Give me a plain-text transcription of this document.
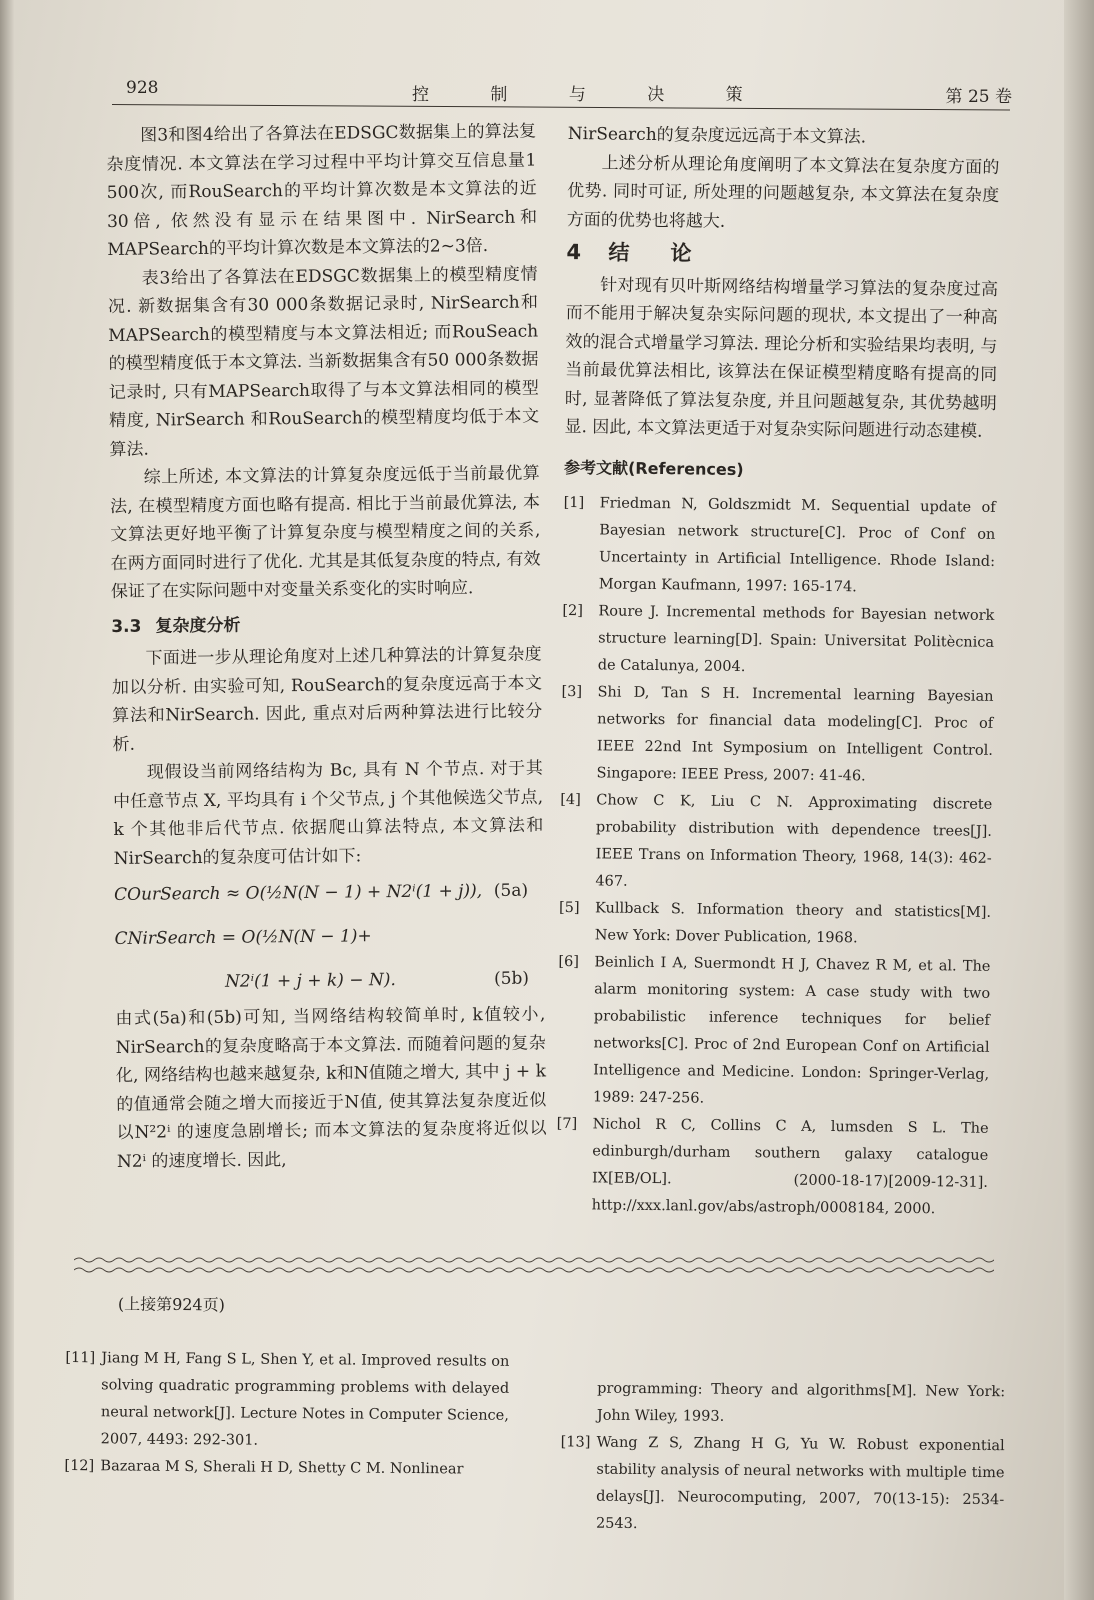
928	控	制	与	决	策	第 25 卷

图3和图4给出了各算法在EDSGC数据集上的算法复杂度情况. 本文算法在学习过程中平均计算交互信息量1 500次, 而RouSearch的平均计算次数是本文算法的近30倍, 依然没有显示在结果图中. NirSearch和MAPSearch的平均计算次数是本文算法的2~3倍.

表3给出了各算法在EDSGC数据集上的模型精度情况. 新数据集含有30 000条数据记录时, NirSearch和MAPSearch的模型精度与本文算法相近; 而RouSeach的模型精度低于本文算法. 当新数据集含有50 000条数据记录时, 只有MAPSearch取得了与本文算法相同的模型精度, NirSearch 和RouSearch的模型精度均低于本文算法.

综上所述, 本文算法的计算复杂度远低于当前最优算法, 在模型精度方面也略有提高. 相比于当前最优算法, 本文算法更好地平衡了计算复杂度与模型精度之间的关系, 在两方面同时进行了优化. 尤其是其低复杂度的特点, 有效保证了在实际问题中对变量关系变化的实时响应.

3.3 复杂度分析

下面进一步从理论角度对上述几种算法的计算复杂度加以分析. 由实验可知, RouSearch的复杂度远高于本文算法和NirSearch. 因此, 重点对后两种算法进行比较分析.

现假设当前网络结构为 Bc, 具有 N 个节点. 对于其中任意节点 X, 平均具有 i 个父节点, j 个其他候选父节点, k 个其他非后代节点. 依据爬山算法特点, 本文算法和NirSearch的复杂度可估计如下:

COurSearch ≈ O(½N(N − 1) + N2ⁱ(1 + j)), (5a)
CNirSearch = O(½N(N − 1)+
N2ⁱ(1 + j + k) − N).	(5b)

由式(5a)和(5b)可知, 当网络结构较简单时, k值较小, NirSearch的复杂度略高于本文算法. 而随着问题的复杂化, 网络结构也越来越复杂, k和N值随之增大, 其中 j + k 的值通常会随之增大而接近于N值, 使其算法复杂度近似以N²2ⁱ 的速度急剧增长; 而本文算法的复杂度将近似以N2ⁱ 的速度增长. 因此,

NirSearch的复杂度远远高于本文算法.

上述分析从理论角度阐明了本文算法在复杂度方面的优势. 同时可证, 所处理的问题越复杂, 本文算法在复杂度方面的优势也将越大.

4 结　论

针对现有贝叶斯网络结构增量学习算法的复杂度过高而不能用于解决复杂实际问题的现状, 本文提出了一种高效的混合式增量学习算法. 理论分析和实验结果均表明, 与当前最优算法相比, 该算法在保证模型精度略有提高的同时, 显著降低了算法复杂度, 并且问题越复杂, 其优势越明显. 因此, 本文算法更适于对复杂实际问题进行动态建模.

参考文献(References)
[1]	Friedman N, Goldszmidt M. Sequential update of Bayesian network structure[C]. Proc of Conf on Uncertainty in Artificial Intelligence. Rhode Island: Morgan Kaufmann, 1997: 165-174.
[2]	Roure J. Incremental methods for Bayesian network structure learning[D]. Spain: Universitat Politècnica de Catalunya, 2004.
[3]	Shi D, Tan S H. Incremental learning Bayesian networks for financial data modeling[C]. Proc of IEEE 22nd Int Symposium on Intelligent Control. Singapore: IEEE Press, 2007: 41-46.
[4]	Chow C K, Liu C N. Approximating discrete probability distribution with dependence trees[J]. IEEE Trans on Information Theory, 1968, 14(3): 462-467.
[5]	Kullback S. Information theory and statistics[M]. New York: Dover Publication, 1968.
[6]	Beinlich I A, Suermondt H J, Chavez R M, et al. The alarm monitoring system: A case study with two probabilistic inference techniques for belief networks[C]. Proc of 2nd European Conf on Artificial Intelligence and Medicine. London: Springer-Verlag, 1989: 247-256.
[7]	Nichol R C, Collins C A, lumsden S L. The edinburgh/durham southern galaxy catalogue IX[EB/OL]. (2000-18-17)[2009-12-31]. http://xxx.lanl.gov/abs/astroph/0008184, 2000.
(上接第924页)
[11] Jiang M H, Fang S L, Shen Y, et al. Improved results on solving quadratic programming problems with delayed neural network[J]. Lecture Notes in Computer Science, 2007, 4493: 292-301.
[12] Bazaraa M S, Sherali H D, Shetty C M. Nonlinear
programming: Theory and algorithms[M]. New York: John Wiley, 1993.
[13] Wang Z S, Zhang H G, Yu W. Robust exponential stability analysis of neural networks with multiple time delays[J]. Neurocomputing, 2007, 70(13-15): 2534-2543.
